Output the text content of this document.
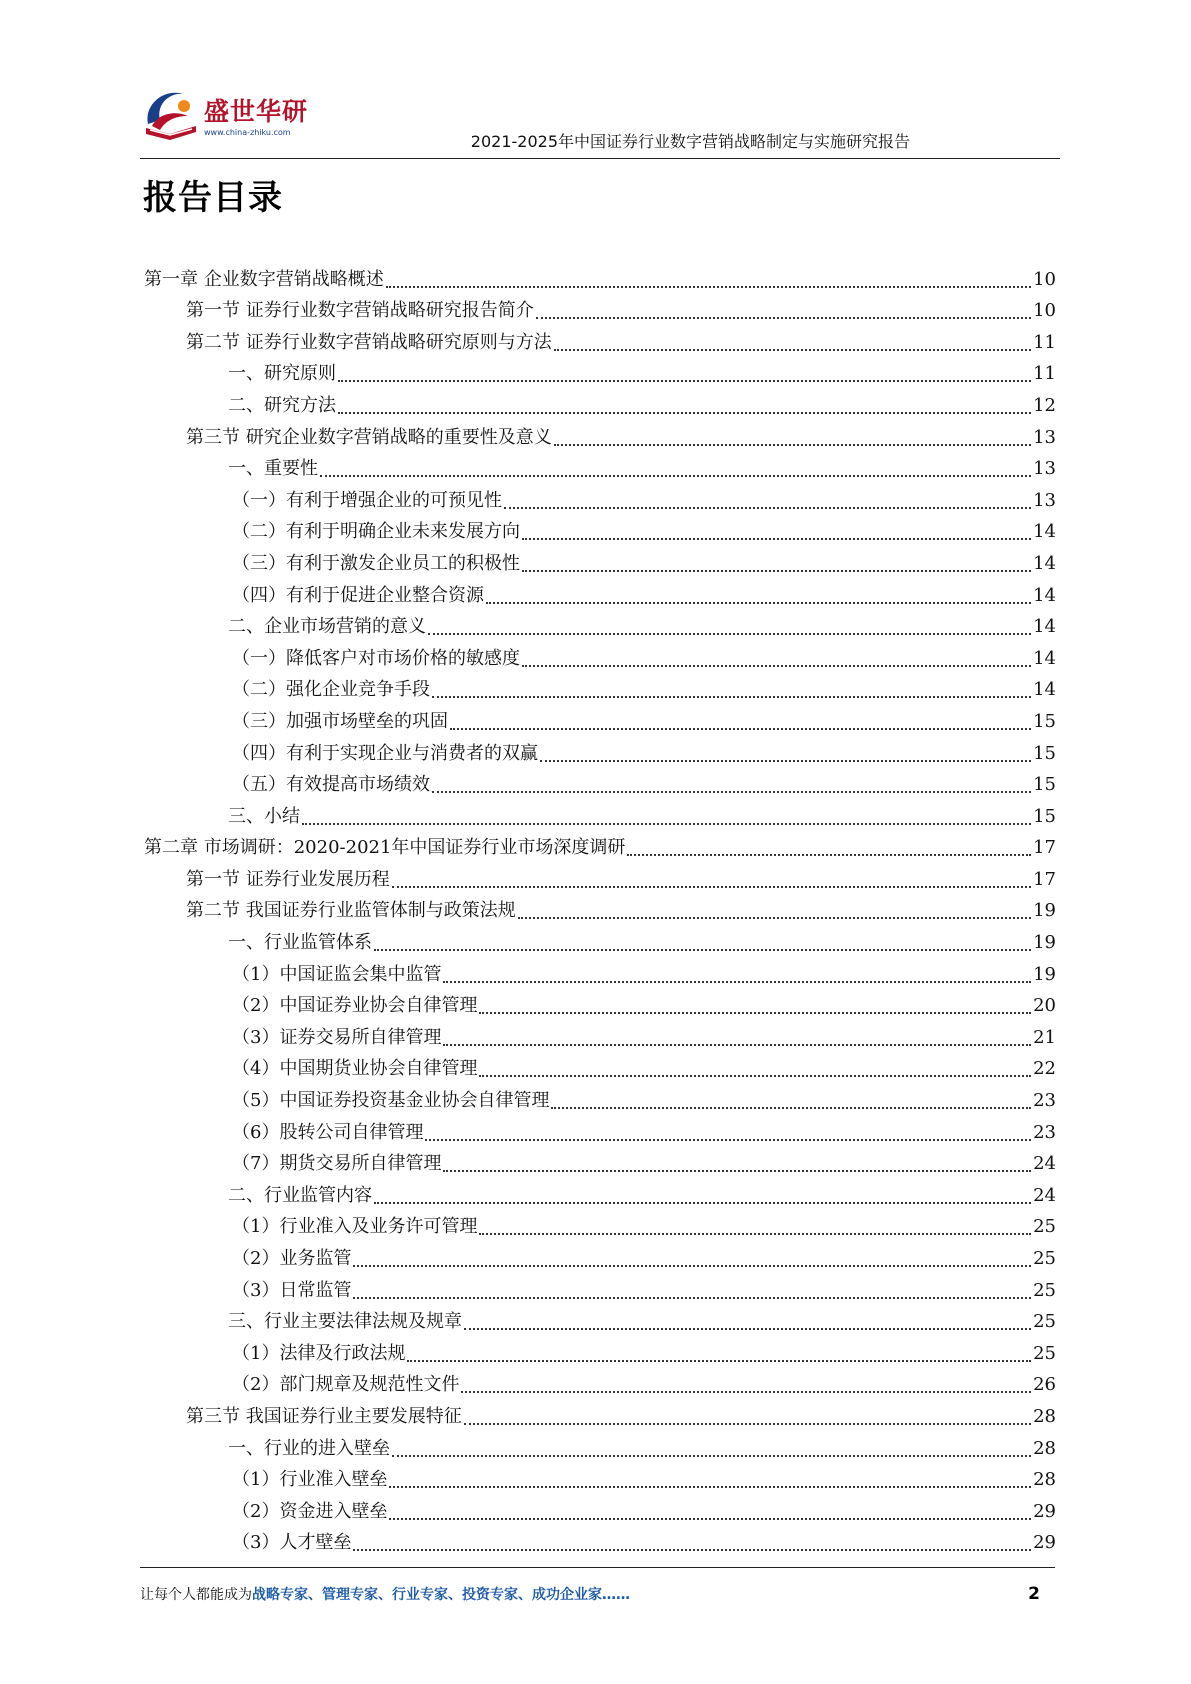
盛世华研
www.china-zhiku.com	2021-2025年中国证券行业数字营销战略制定与实施研究报告
报告目录
第一章 企业数字营销战略概述	10
第一节 证券行业数字营销战略研究报告简介	10
第二节 证券行业数字营销战略研究原则与方法	11
一、研究原则	11
二、研究方法	12
第三节 研究企业数字营销战略的重要性及意义	13
一、重要性	13
（一）有利于增强企业的可预见性	13
（二）有利于明确企业未来发展方向	14
（三）有利于激发企业员工的积极性	14
（四）有利于促进企业整合资源	14
二、企业市场营销的意义	14
（一）降低客户对市场价格的敏感度	14
（二）强化企业竞争手段	14
（三）加强市场壁垒的巩固	15
（四）有利于实现企业与消费者的双赢	15
（五）有效提高市场绩效	15
三、小结	15
第二章 市场调研：2020-2021年中国证券行业市场深度调研	17
第一节 证券行业发展历程	17
第二节 我国证券行业监管体制与政策法规	19
一、行业监管体系	19
（1）中国证监会集中监管	19
（2）中国证券业协会自律管理	20
（3）证券交易所自律管理	21
（4）中国期货业协会自律管理	22
（5）中国证券投资基金业协会自律管理	23
（6）股转公司自律管理	23
（7）期货交易所自律管理	24
二、行业监管内容	24
（1）行业准入及业务许可管理	25
（2）业务监管	25
（3）日常监管	25
三、行业主要法律法规及规章	25
（1）法律及行政法规	25
（2）部门规章及规范性文件	26
第三节 我国证券行业主要发展特征	28
一、行业的进入壁垒	28
（1）行业准入壁垒	28
（2）资金进入壁垒	29
（3）人才壁垒	29
让每个人都能成为战略专家、管理专家、行业专家、投资专家、成功企业家……	2
